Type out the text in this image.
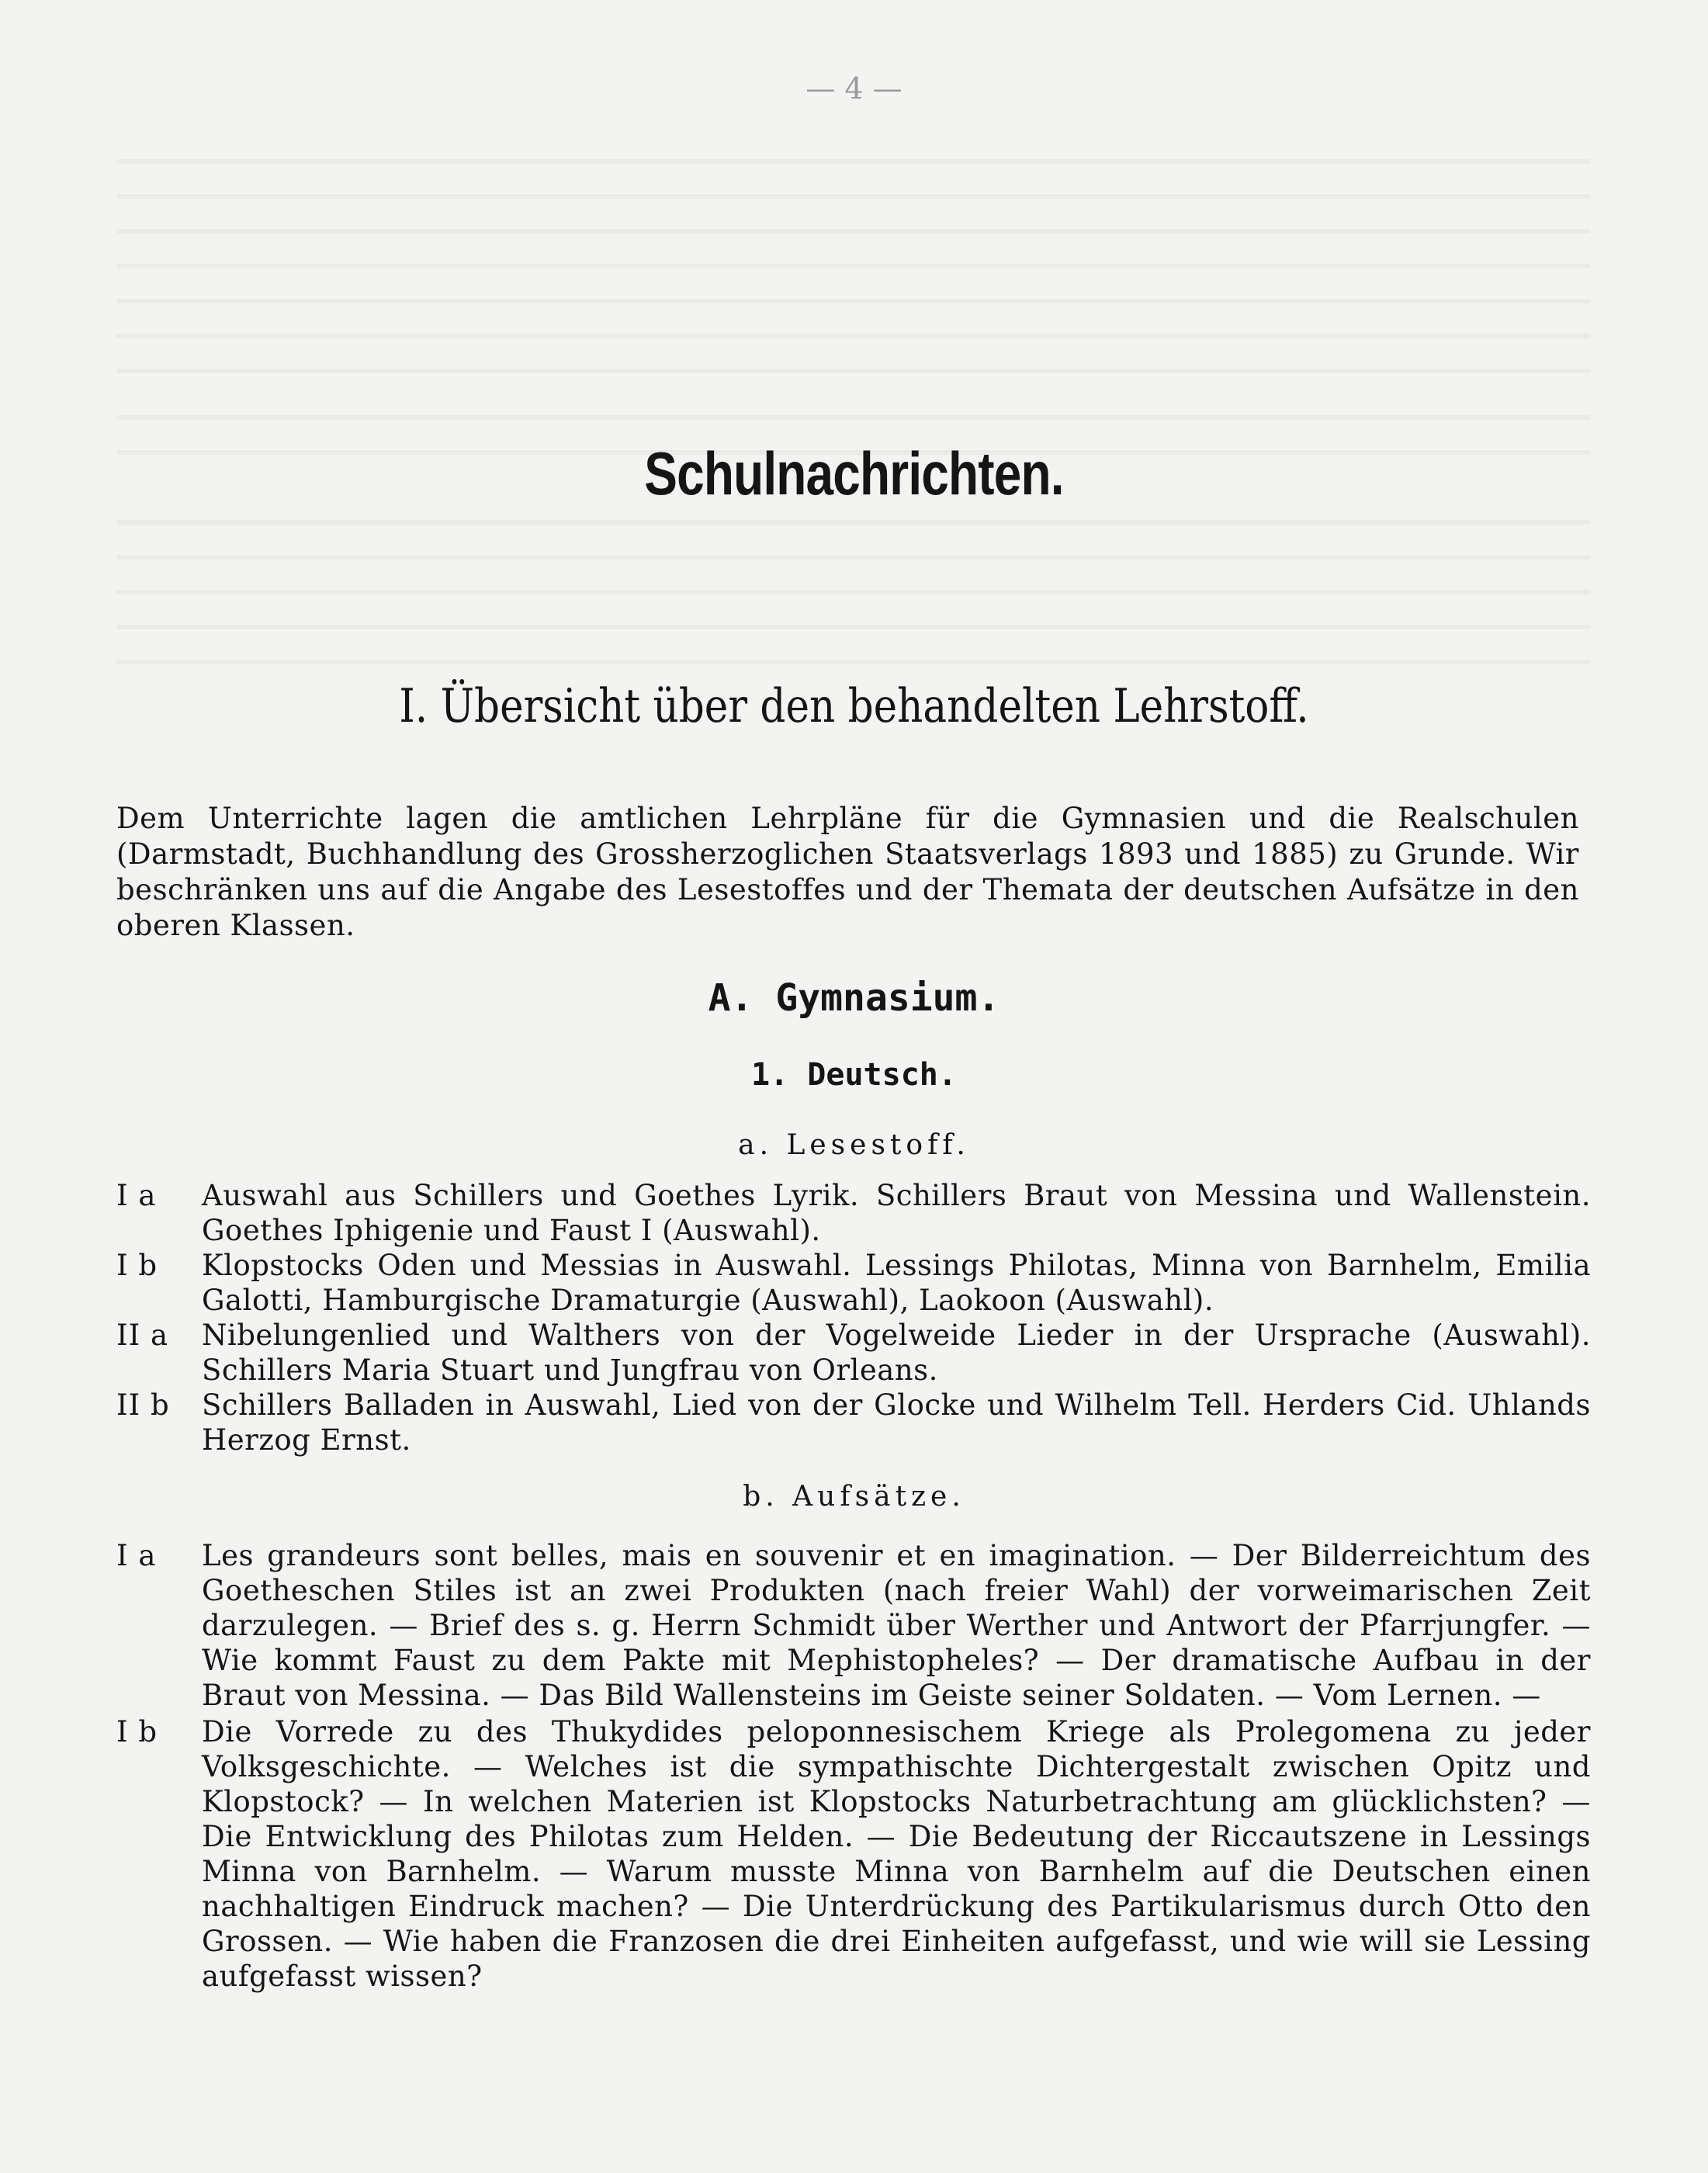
— 4 —
Schulnachrichten.
I. Übersicht über den behandelten Lehrstoff.
Dem Unterrichte lagen die amtlichen Lehrpläne für die Gymnasien und die Realschulen (Darmstadt, Buchhandlung des Grossherzoglichen Staatsverlags 1893 und 1885) zu Grunde. Wir beschränken uns auf die Angabe des Lesestoffes und der Themata der deutschen Aufsätze in den oberen Klassen.
A. Gymnasium.
1. Deutsch.
a. Lesestoff.
I a	Auswahl aus Schillers und Goethes Lyrik. Schillers Braut von Messina und Wallenstein. Goethes Iphigenie und Faust I (Auswahl).
I b	Klopstocks Oden und Messias in Auswahl. Lessings Philotas, Minna von Barnhelm, Emilia Galotti, Hamburgische Dramaturgie (Auswahl), Laokoon (Auswahl).
II a	Nibelungenlied und Walthers von der Vogelweide Lieder in der Ursprache (Auswahl). Schillers Maria Stuart und Jungfrau von Orleans.
II b	Schillers Balladen in Auswahl, Lied von der Glocke und Wilhelm Tell. Herders Cid. Uhlands Herzog Ernst.
b. Aufsätze.
I a	Les grandeurs sont belles, mais en souvenir et en imagination. — Der Bilderreichtum des Goetheschen Stiles ist an zwei Produkten (nach freier Wahl) der vorweimarischen Zeit darzulegen. — Brief des s. g. Herrn Schmidt über Werther und Antwort der Pfarrjungfer. — Wie kommt Faust zu dem Pakte mit Mephistopheles? — Der dramatische Aufbau in der Braut von Messina. — Das Bild Wallensteins im Geiste seiner Soldaten. — Vom Lernen. —
I b	Die Vorrede zu des Thukydides peloponnesischem Kriege als Prolegomena zu jeder Volksgeschichte. — Welches ist die sympathischte Dichtergestalt zwischen Opitz und Klopstock? — In welchen Materien ist Klopstocks Naturbetrachtung am glücklichsten? — Die Entwicklung des Philotas zum Helden. — Die Bedeutung der Riccautszene in Lessings Minna von Barnhelm. — Warum musste Minna von Barnhelm auf die Deutschen einen nachhaltigen Eindruck machen? — Die Unterdrückung des Partikularismus durch Otto den Grossen. — Wie haben die Franzosen die drei Einheiten aufgefasst, und wie will sie Lessing aufgefasst wissen?
